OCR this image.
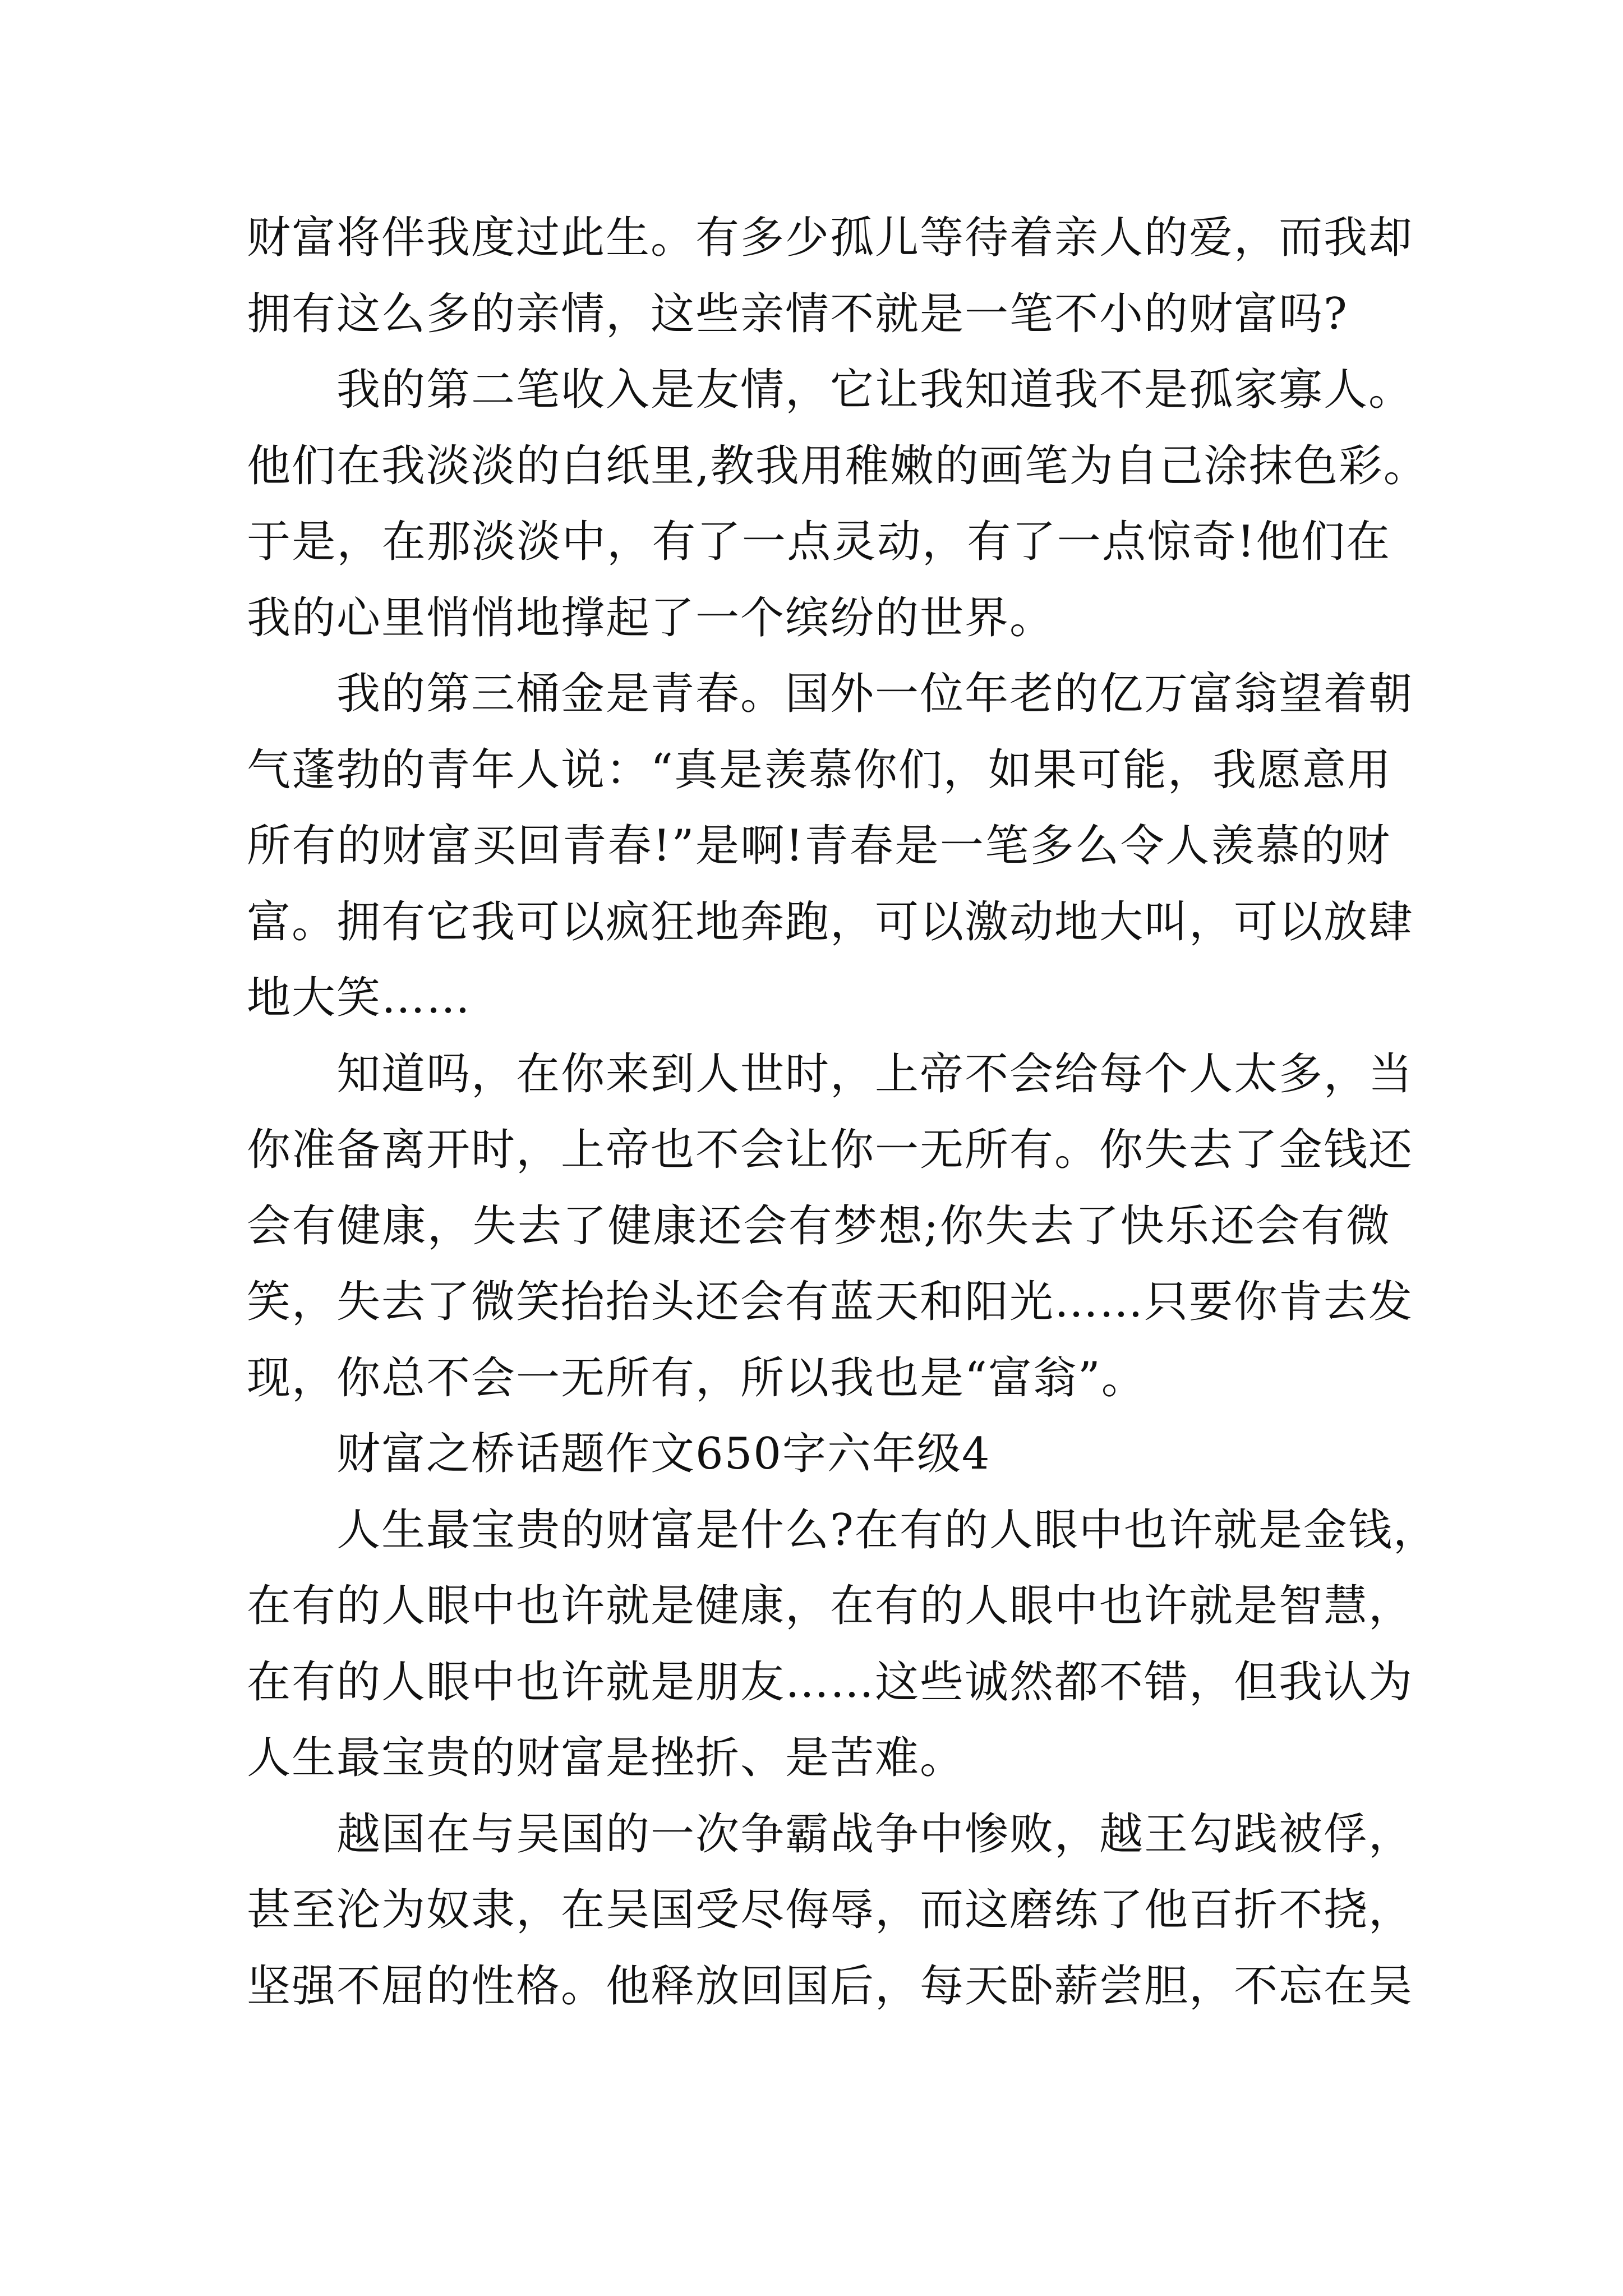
财富将伴我度过此生。有多少孤儿等待着亲人的爱，而我却
拥有这么多的亲情，这些亲情不就是一笔不小的财富吗?

我的第二笔收入是友情，它让我知道我不是孤家寡人。
他们在我淡淡的白纸里,教我用稚嫩的画笔为自己涂抹色彩。
于是，在那淡淡中，有了一点灵动，有了一点惊奇!他们在
我的心里悄悄地撑起了一个缤纷的世界。

我的第三桶金是青春。国外一位年老的亿万富翁望着朝
气蓬勃的青年人说：“真是羡慕你们，如果可能，我愿意用
所有的财富买回青春!”是啊!青春是一笔多么令人羡慕的财
富。拥有它我可以疯狂地奔跑，可以激动地大叫，可以放肆
地大笑……

知道吗，在你来到人世时，上帝不会给每个人太多，当
你准备离开时，上帝也不会让你一无所有。你失去了金钱还
会有健康，失去了健康还会有梦想;你失去了快乐还会有微
笑，失去了微笑抬抬头还会有蓝天和阳光……只要你肯去发
现，你总不会一无所有，所以我也是“富翁”。

财富之桥话题作文650字六年级4

人生最宝贵的财富是什么?在有的人眼中也许就是金钱，
在有的人眼中也许就是健康，在有的人眼中也许就是智慧，
在有的人眼中也许就是朋友……这些诚然都不错，但我认为
人生最宝贵的财富是挫折、是苦难。

越国在与吴国的一次争霸战争中惨败，越王勾践被俘，
甚至沦为奴隶，在吴国受尽侮辱，而这磨练了他百折不挠，
坚强不屈的性格。他释放回国后，每天卧薪尝胆，不忘在吴
